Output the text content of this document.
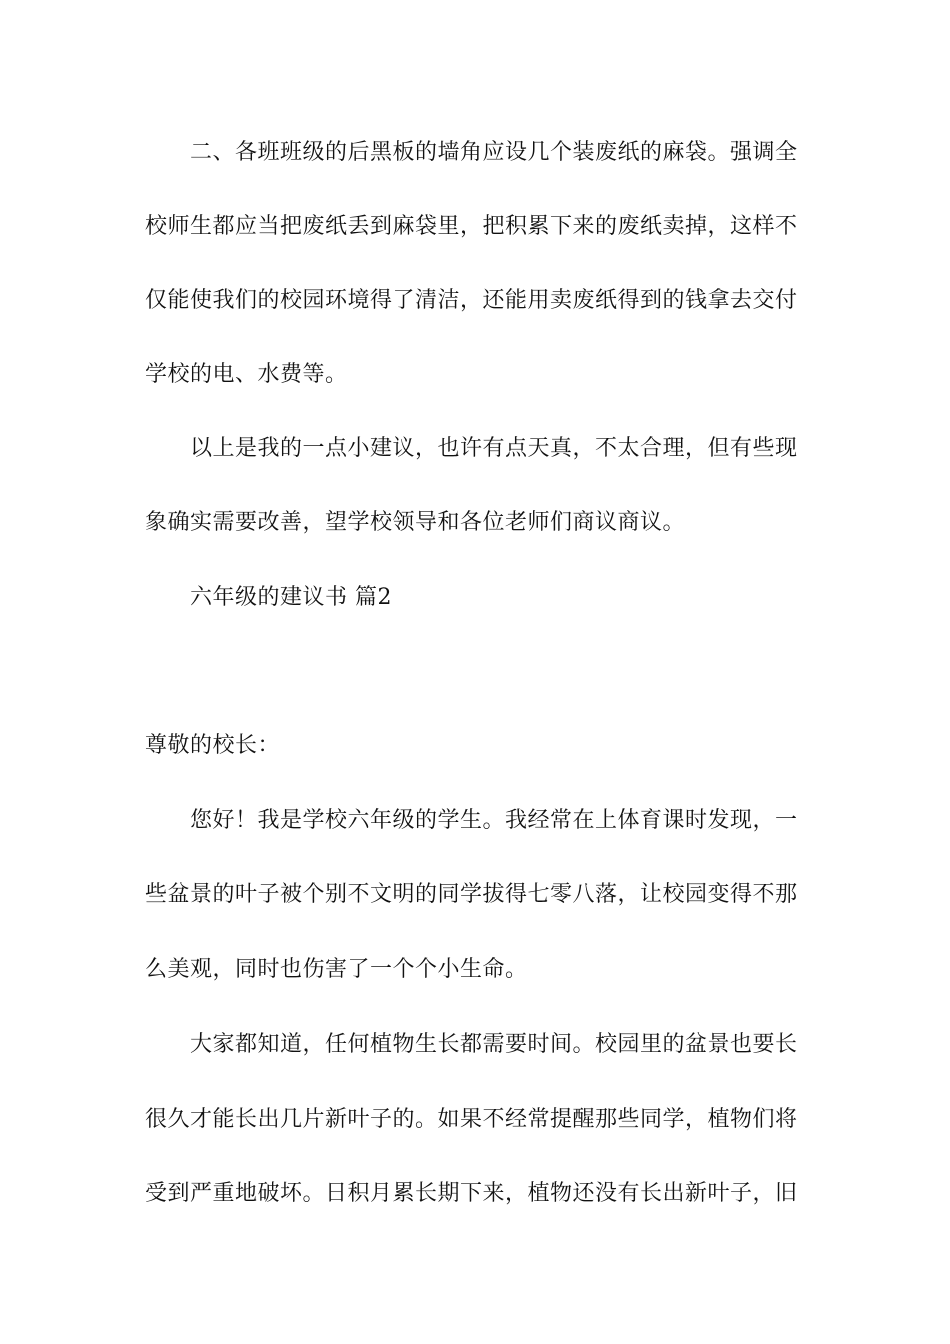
二、各班班级的后黑板的墙角应设几个装废纸的麻袋。强调全
校师生都应当把废纸丢到麻袋里，把积累下来的废纸卖掉，这样不
仅能使我们的校园环境得了清洁，还能用卖废纸得到的钱拿去交付
学校的电、水费等。
以上是我的一点小建议，也许有点天真，不太合理，但有些现
象确实需要改善，望学校领导和各位老师们商议商议。
六年级的建议书 篇2
尊敬的校长：
您好！我是学校六年级的学生。我经常在上体育课时发现，一
些盆景的叶子被个别不文明的同学拔得七零八落，让校园变得不那
么美观，同时也伤害了一个个小生命。
大家都知道，任何植物生长都需要时间。校园里的盆景也要长
很久才能长出几片新叶子的。如果不经常提醒那些同学，植物们将
受到严重地破坏。日积月累长期下来，植物还没有长出新叶子，旧
